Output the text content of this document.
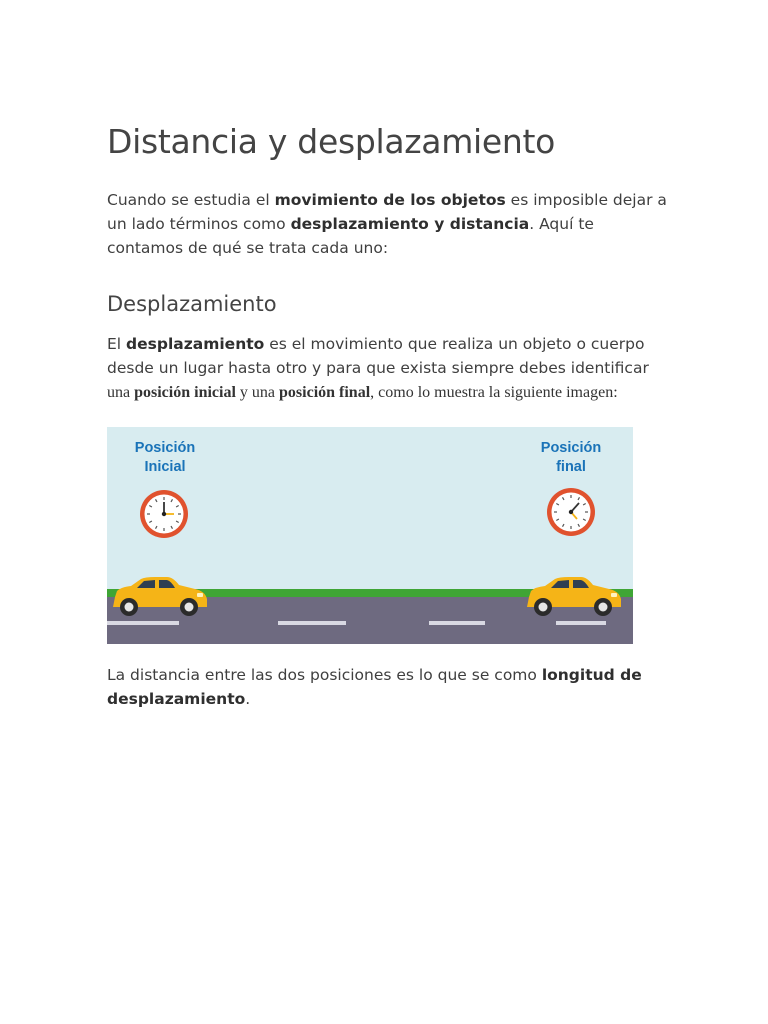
Distancia y desplazamiento

Cuando se estudia el movimiento de los objetos es imposible dejar a un lado términos como desplazamiento y distancia. Aquí te contamos de qué se trata cada uno:

Desplazamiento

El desplazamiento es el movimiento que realiza un objeto o cuerpo desde un lugar hasta otro y para que exista siempre debes identificar una posición inicial y una posición final, como lo muestra la siguiente imagen:

Posición
Inicial
Posición
final

La distancia entre las dos posiciones es lo que se como longitud de desplazamiento.
